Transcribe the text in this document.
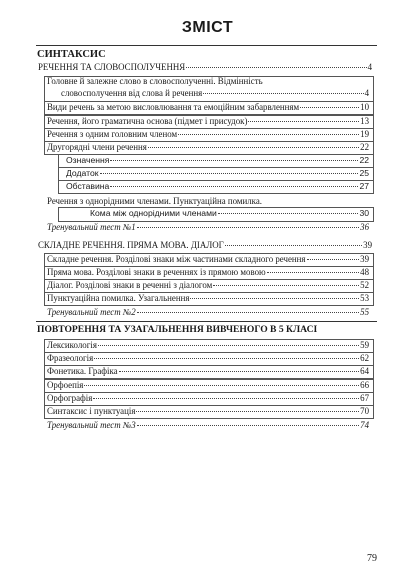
ЗМІСТ
СИНТАКСИС
РЕЧЕННЯ ТА СЛОВОСПОЛУЧЕННЯ	4
Головне й залежне слово в словосполученні. Відмінність
словосполучення від слова й речення	4
Види речень за метою висловлювання та емоційним забарвленням	10
Речення, його граматична основа (підмет і присудок)	13
Речення з одним головним членом	19
Другорядні члени речення	22
Означення	22
Додаток	25
Обставина	27
Речення з однорідними членами. Пунктуаційна помилка.
Кома між однорідними членами	30
Тренувальний тест №1	36
СКЛАДНЕ РЕЧЕННЯ. ПРЯМА МОВА. ДІАЛОГ	39
Складне речення. Розділові знаки між частинами складного речення	39
Пряма мова. Розділові знаки в реченнях із прямою мовою	48
Діалог. Розділові знаки в реченні з діалогом	52
Пунктуаційна помилка. Узагальнення	53
Тренувальний тест №2	55
ПОВТОРЕННЯ ТА УЗАГАЛЬНЕННЯ ВИВЧЕНОГО В 5 КЛАСІ
Лексикологія	59
Фразеологія	62
Фонетика. Графіка	64
Орфоепія	66
Орфографія	67
Синтаксис і пунктуація	70
Тренувальний тест №3	74
79
